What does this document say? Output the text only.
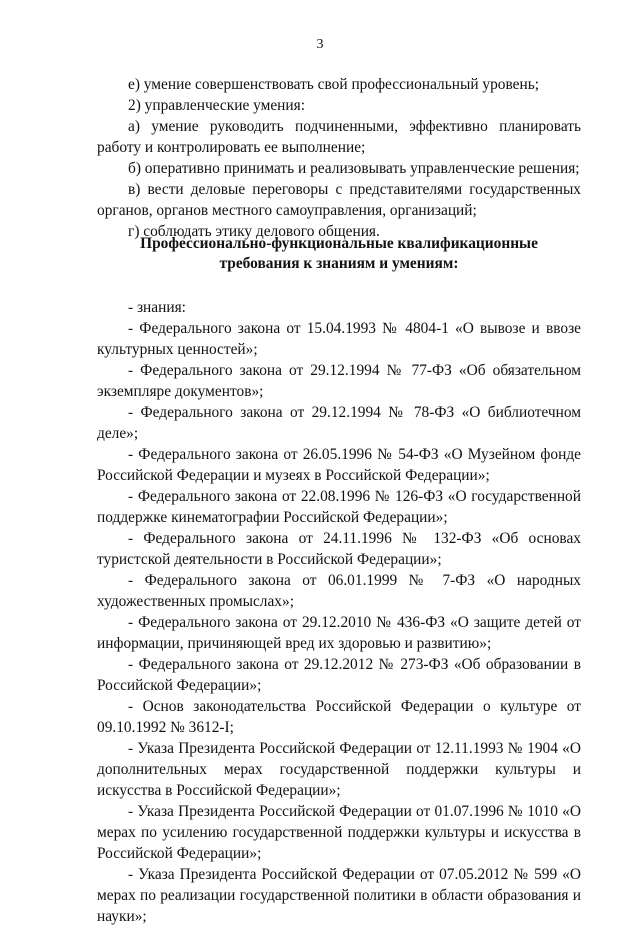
3

е) умение совершенствовать свой профессиональный уровень;

2) управленческие умения:

а) умение руководить подчиненными, эффективно планировать работу и контролировать ее выполнение;

б) оперативно принимать и реализовывать управленческие решения;

в) вести деловые переговоры с представителями государственных органов, органов местного самоуправления, организаций;

г) соблюдать этику делового общения.

Профессионально-функциональные квалификационные
требования к знаниям и умениям:

- знания:

- Федерального закона от 15.04.1993 № 4804-1 «О вывозе и ввозе культурных ценностей»;

- Федерального закона от 29.12.1994 № 77-ФЗ «Об обязательном экземпляре документов»;

- Федерального закона от 29.12.1994 № 78-ФЗ «О библиотечном деле»;

- Федерального закона от 26.05.1996 № 54-ФЗ «О Музейном фонде Российской Федерации и музеях в Российской Федерации»;

- Федерального закона от 22.08.1996 № 126-ФЗ «О государственной поддержке кинематографии Российской Федерации»;

- Федерального закона от 24.11.1996 № 132-ФЗ «Об основах туристской деятельности в Российской Федерации»;

- Федерального закона от 06.01.1999 № 7-ФЗ «О народных художественных промыслах»;

- Федерального закона от 29.12.2010 № 436-ФЗ «О защите детей от информации, причиняющей вред их здоровью и развитию»;

- Федерального закона от 29.12.2012 № 273-ФЗ «Об образовании в Российской Федерации»;

- Основ законодательства Российской Федерации о культуре от 09.10.1992 № 3612-I;

- Указа Президента Российской Федерации от 12.11.1993 № 1904 «О дополнительных мерах государственной поддержки культуры и искусства в Российской Федерации»;

- Указа Президента Российской Федерации от 01.07.1996 № 1010 «О мерах по усилению государственной поддержки культуры и искусства в Российской Федерации»;

- Указа Президента Российской Федерации от 07.05.2012 № 599 «О мерах по реализации государственной политики в области образования и науки»;
